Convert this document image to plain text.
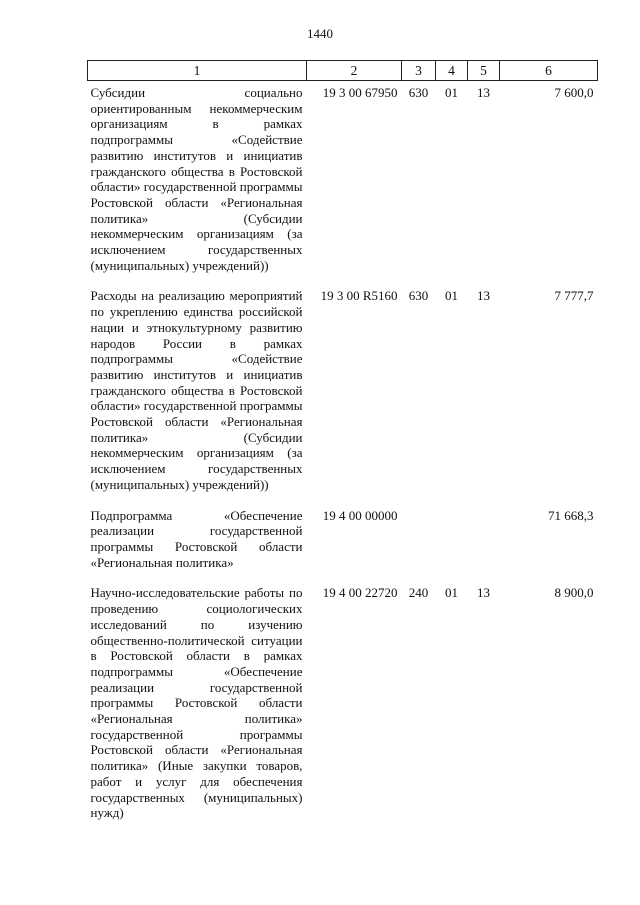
1440
1	2	3	4	5	6
Субсидии социально ориентированным некоммерческим организациям в рамках подпрограммы «Содействие развитию институтов и инициатив гражданского общества в Ростовской области» государственной программы Ростовской области «Региональная политика» (Субсидии некоммерческим организациям (за исключением государственных (муниципальных) учреждений))	19 3 00 67950	630	01	13	7 600,0
Расходы на реализацию мероприятий по укреплению единства российской нации и этнокультурному развитию народов России в рамках подпрограммы «Содействие развитию институтов и инициатив гражданского общества в Ростовской области» государственной программы Ростовской области «Региональная политика» (Субсидии некоммерческим организациям (за исключением государственных (муниципальных) учреждений))	19 3 00 R5160	630	01	13	7 777,7
Подпрограмма «Обеспечение реализации государственной программы Ростовской области «Региональная политика»	19 4 00 00000				71 668,3
Научно-исследовательские работы по проведению социологических исследований по изучению общественно-политической ситуации в Ростовской области в рамках подпрограммы «Обеспечение реализации государственной программы Ростовской области «Региональная политика» государственной программы Ростовской области «Региональная политика» (Иные закупки товаров, работ и услуг для обеспечения государственных (муниципальных) нужд)	19 4 00 22720	240	01	13	8 900,0
